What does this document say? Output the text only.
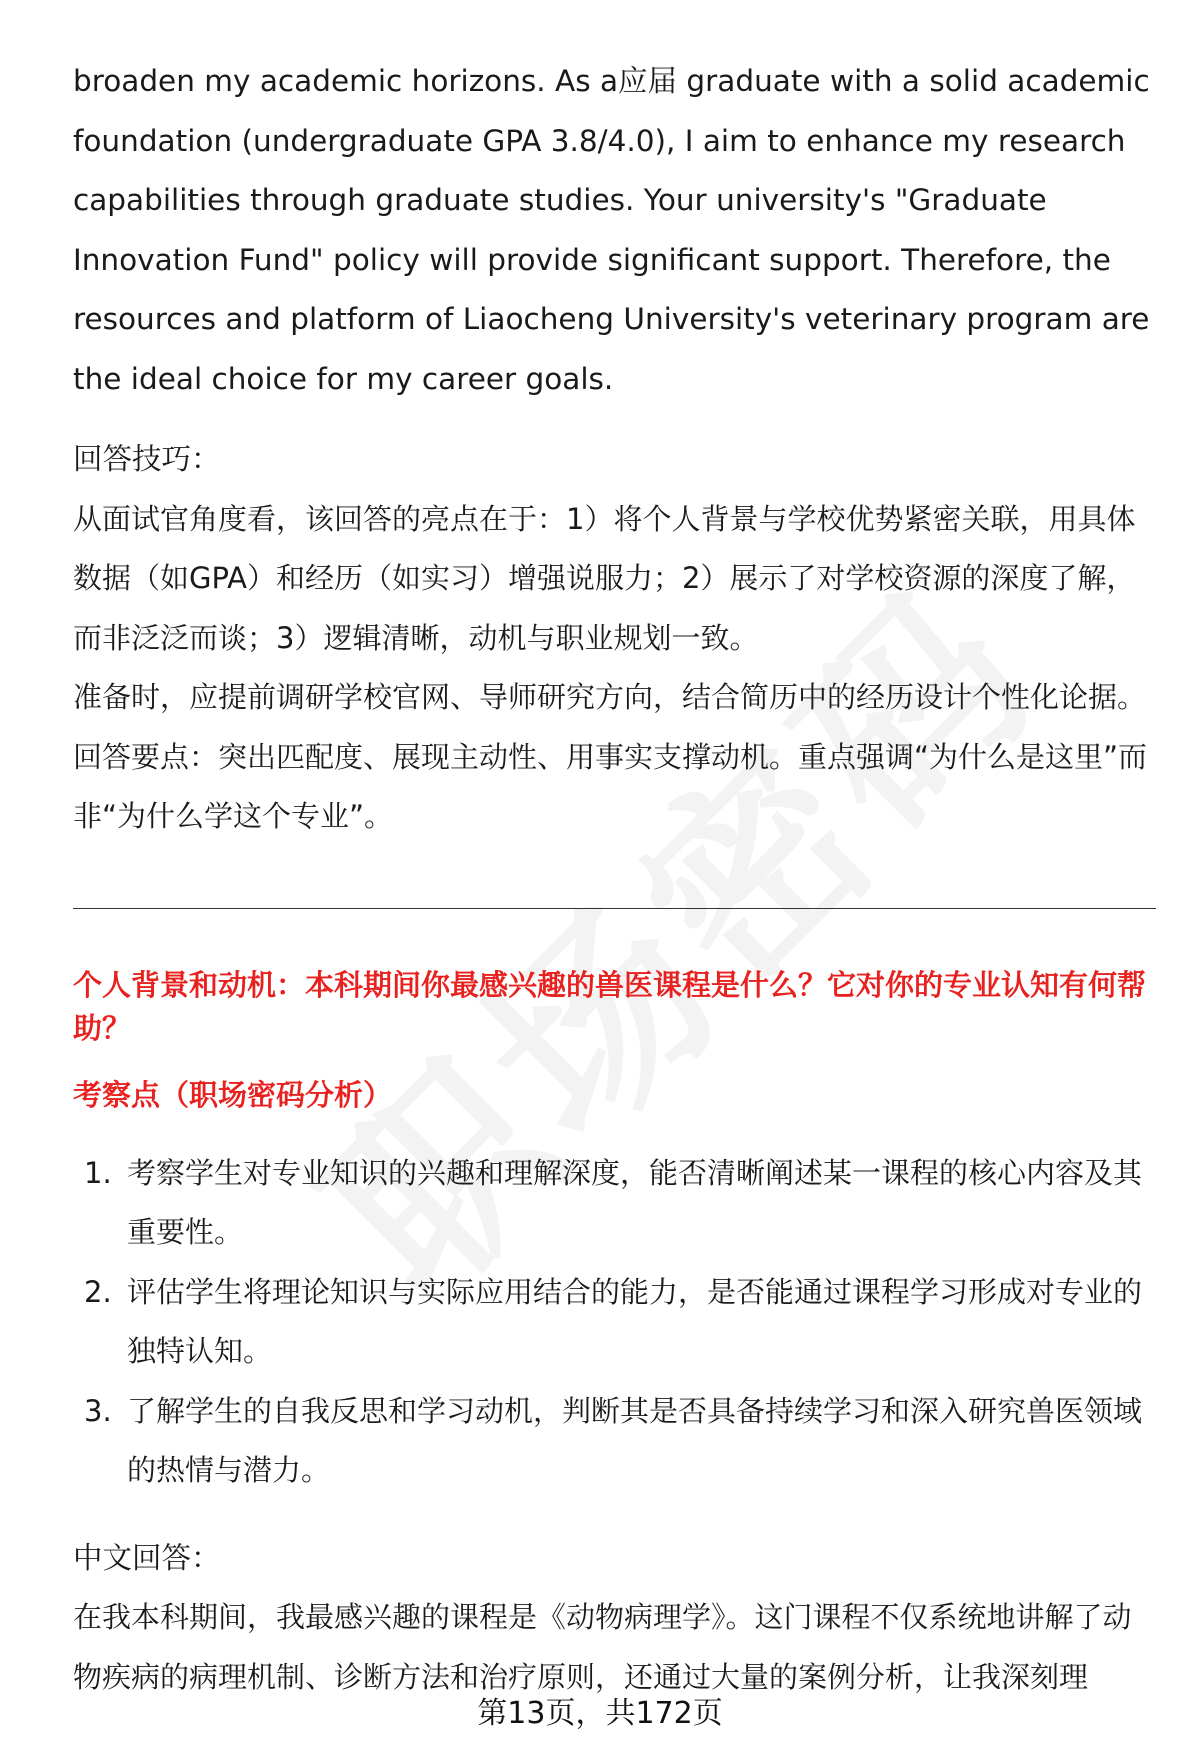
broaden my academic horizons. As a应届 graduate with a solid academic foundation (undergraduate GPA 3.8/4.0), I aim to enhance my research capabilities through graduate studies. Your university's "Graduate Innovation Fund" policy will provide significant support. Therefore, the resources and platform of Liaocheng University's veterinary program are the ideal choice for my career goals.

回答技巧：

从面试官角度看，该回答的亮点在于：1）将个人背景与学校优势紧密关联，用具体数据（如GPA）和经历（如实习）增强说服力；2）展示了对学校资源的深度了解，而非泛泛而谈；3）逻辑清晰，动机与职业规划一致。

准备时，应提前调研学校官网、导师研究方向，结合简历中的经历设计个性化论据。回答要点：突出匹配度、展现主动性、用事实支撑动机。重点强调“为什么是这里”而非“为什么学这个专业”。

个人背景和动机：本科期间你最感兴趣的兽医课程是什么？它对你的专业认知有何帮助？

考察点（职场密码分析）

1. 考察学生对专业知识的兴趣和理解深度，能否清晰阐述某一课程的核心内容及其重要性。
2. 评估学生将理论知识与实际应用结合的能力，是否能通过课程学习形成对专业的独特认知。
3. 了解学生的自我反思和学习动机，判断其是否具备持续学习和深入研究兽医领域的热情与潜力。

中文回答：

在我本科期间，我最感兴趣的课程是《动物病理学》。这门课程不仅系统地讲解了动物疾病的病理机制、诊断方法和治疗原则，还通过大量的案例分析，让我深刻理

第13页，共172页
